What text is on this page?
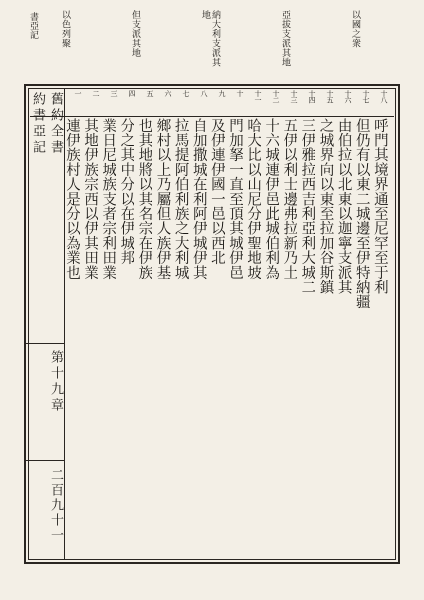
書亞記	以國之衆
亞拔支派其地
納大利支派其地
但支派其地
以色列聚
十八
十七
十六
十五
十四
十三
十二
十一
十
九
八
七
六
五
四
三
二
一
呼門其境界通至尼罕至于利
但仍有以東二城邊至伊特納疆
由伯拉以北東以迦寧支派其
之城界向以東至拉加谷斯鎮
三伊雅拉西吉利亞利大城二
五伊以利士邊弗拉新乃土
十六城連伊邑此城伯利為
哈大比以山尼分伊聖地坡
門加拏一直至頂其城伊邑
及伊連伊國一邑以西北
自加撒城在利阿伊城伊其
拉馬提阿伯利族之大利城
鄉村以上乃屬但人族伊基
也其地將以其名宗在伊族
分之其中分以在伊城邦
業日尼城族支者宗利田業
其地伊族宗西以伊其田業
連伊族村人是分以為業也
舊約全書
約書亞記
第十九章
二百九十一
